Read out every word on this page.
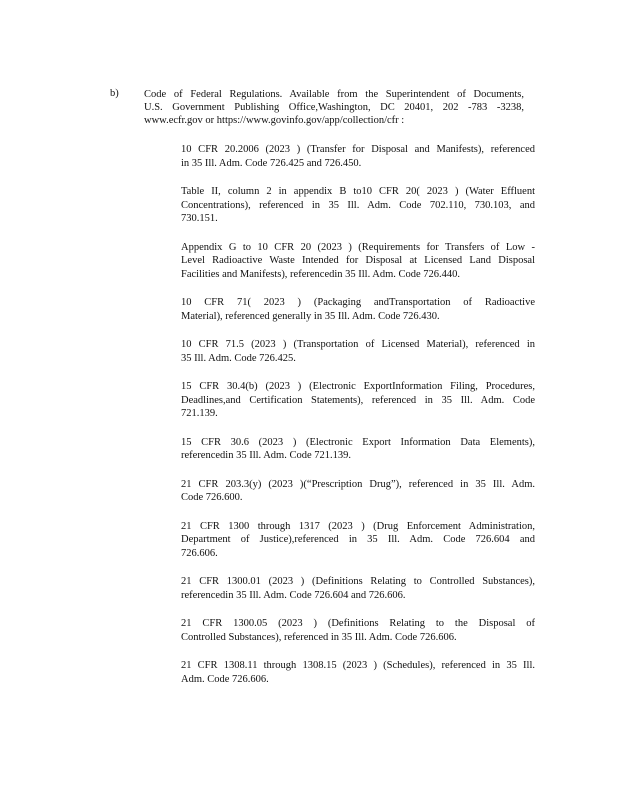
b) Code of Federal Regulations. Available from the Superintendent of Documents,
U.S. Government Publishing Office,Washington, DC 20401, 202 -783 -3238,
www.ecfr.gov or https://www.govinfo.gov/app/collection/cfr :
10 CFR 20.2006 (2023 ) (Transfer for Disposal and Manifests), referenced
in 35 Ill. Adm. Code 726.425 and 726.450.
Table II, column 2 in appendix B to10 CFR 20( 2023 ) (Water Effluent
Concentrations), referenced in 35 Ill. Adm. Code 702.110, 730.103, and
730.151.
Appendix G to 10 CFR 20 (2023 ) (Requirements for Transfers of Low -
Level Radioactive Waste Intended for Disposal at Licensed Land Disposal
Facilities and Manifests), referencedin 35 Ill. Adm. Code 726.440.
10 CFR 71( 2023 ) (Packaging andTransportation of Radioactive
Material), referenced generally in 35 Ill. Adm. Code 726.430.
10 CFR 71.5 (2023 ) (Transportation of Licensed Material), referenced in
35 Ill. Adm. Code 726.425.
15 CFR 30.4(b) (2023 ) (Electronic ExportInformation Filing, Procedures,
Deadlines,and Certification Statements), referenced in 35 Ill. Adm. Code
721.139.
15 CFR 30.6 (2023 ) (Electronic Export Information Data Elements),
referencedin 35 Ill. Adm. Code 721.139.
21 CFR 203.3(y) (2023 )(“Prescription Drug”), referenced in 35 Ill. Adm.
Code 726.600.
21 CFR 1300 through 1317 (2023 ) (Drug Enforcement Administration,
Department of Justice),referenced in 35 Ill. Adm. Code 726.604 and
726.606.
21 CFR 1300.01 (2023 ) (Definitions Relating to Controlled Substances),
referencedin 35 Ill. Adm. Code 726.604 and 726.606.
21 CFR 1300.05 (2023 ) (Definitions Relating to the Disposal of
Controlled Substances), referenced in 35 Ill. Adm. Code 726.606.
21 CFR 1308.11 through 1308.15 (2023 ) (Schedules), referenced in 35 Ill.
Adm. Code 726.606.
